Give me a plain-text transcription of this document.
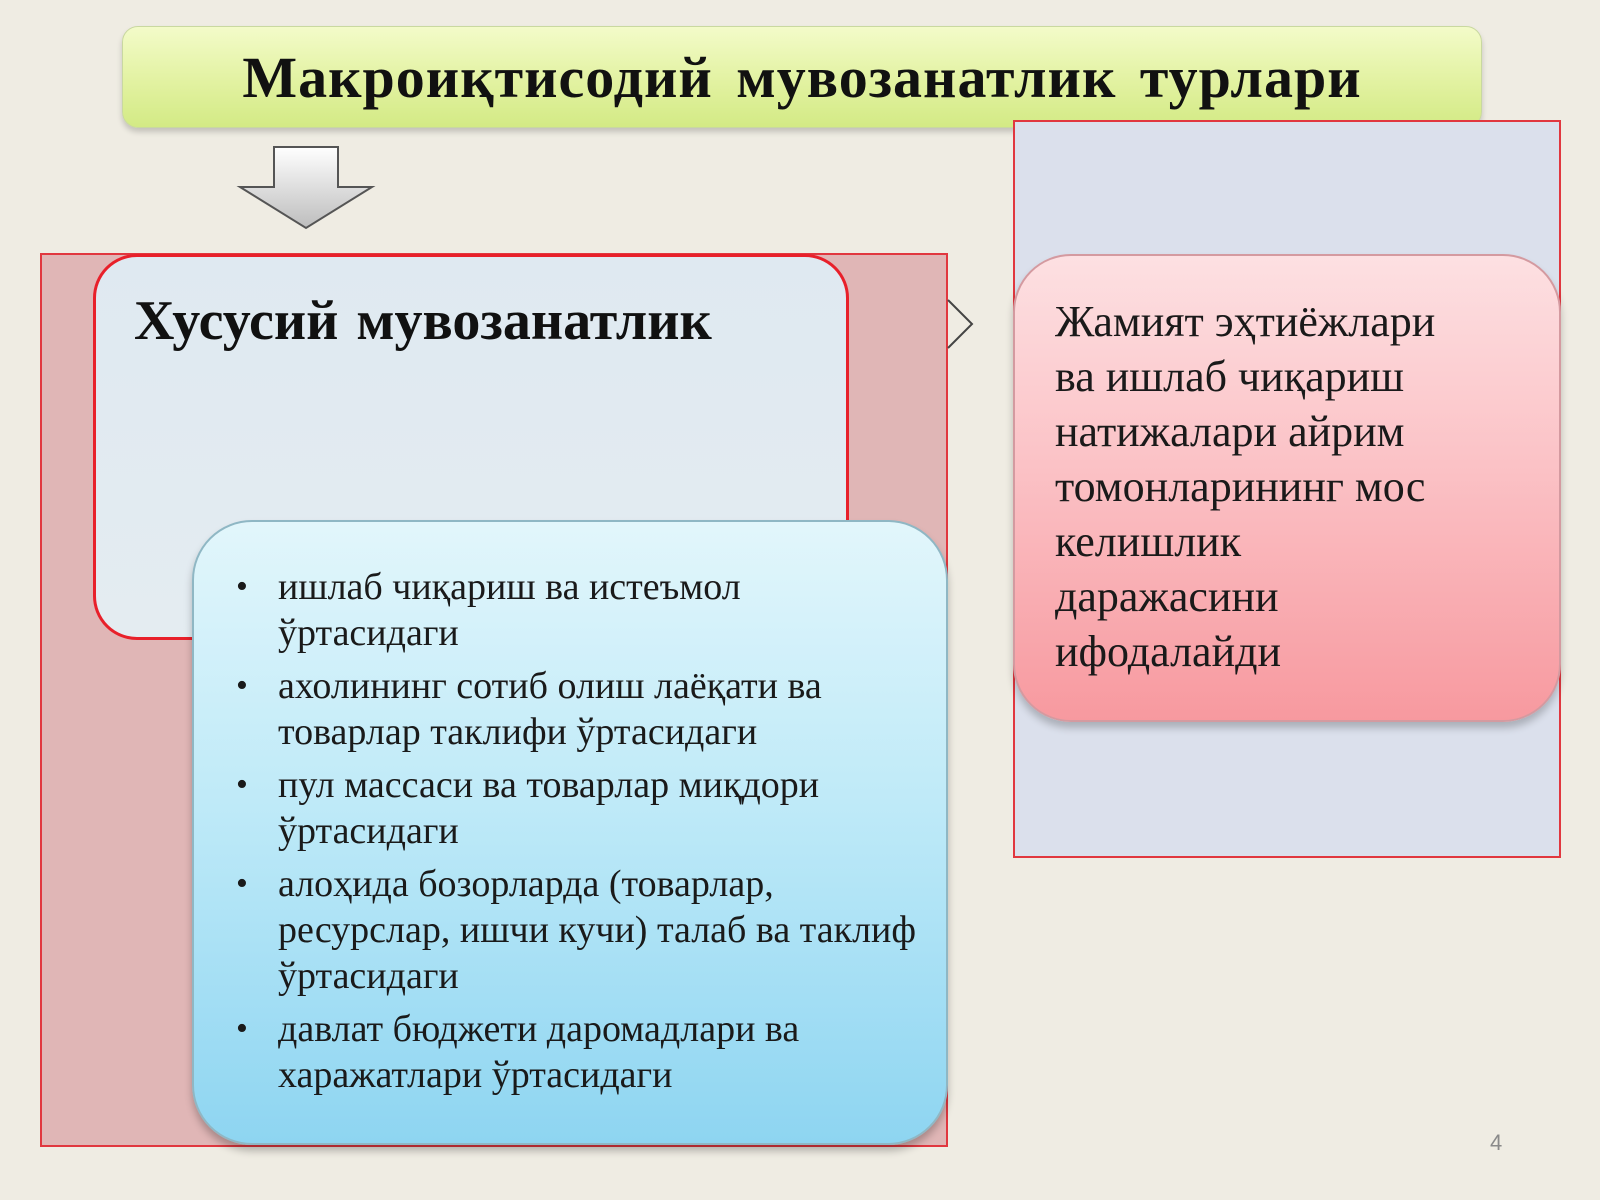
Макроиқтисодий мувозанатлик турлари
Хусусий мувозанатлик
• ишлаб чиқариш ва истеъмол ўртасидаги
• ахолининг сотиб олиш лаёқати ва товарлар таклифи ўртасидаги
• пул массаси ва товарлар миқдори ўртасидаги
• алоҳида бозорларда (товарлар, ресурслар, ишчи кучи) талаб ва таклиф ўртасидаги
• давлат бюджети даромадлари ва харажатлари ўртасидаги
Жамият эҳтиёжлари
ва ишлаб чиқариш
натижалари айрим
томонларининг мос
келишлик
даражасини
ифодалайди
4
